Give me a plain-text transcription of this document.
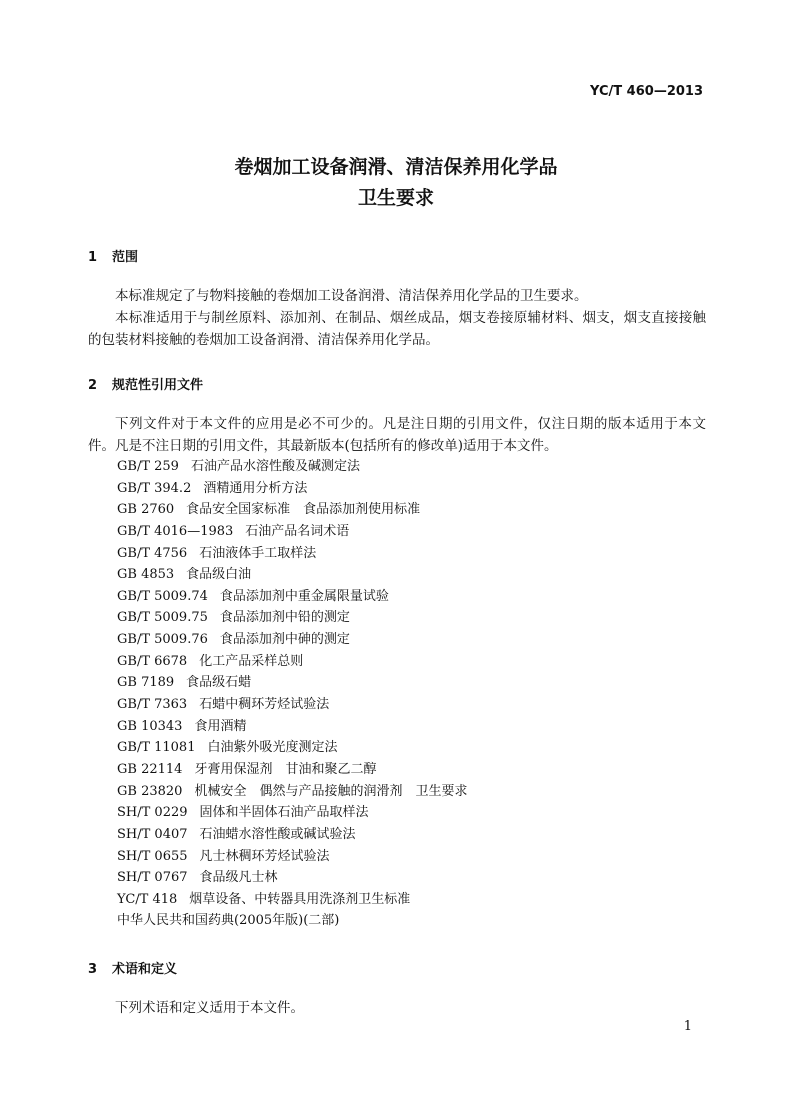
YC/T 460—2013
卷烟加工设备润滑、清洁保养用化学品
卫生要求
1 范围
本标准规定了与物料接触的卷烟加工设备润滑、清洁保养用化学品的卫生要求。
本标准适用于与制丝原料、添加剂、在制品、烟丝成品，烟支卷接原辅材料、烟支，烟支直接接触的包装材料接触的卷烟加工设备润滑、清洁保养用化学品。
2 规范性引用文件
下列文件对于本文件的应用是必不可少的。凡是注日期的引用文件，仅注日期的版本适用于本文件。凡是不注日期的引用文件，其最新版本(包括所有的修改单)适用于本文件。
GB/T 259 石油产品水溶性酸及碱测定法
GB/T 394.2 酒精通用分析方法
GB 2760 食品安全国家标准　食品添加剂使用标准
GB/T 4016—1983 石油产品名词术语
GB/T 4756 石油液体手工取样法
GB 4853 食品级白油
GB/T 5009.74 食品添加剂中重金属限量试验
GB/T 5009.75 食品添加剂中铅的测定
GB/T 5009.76 食品添加剂中砷的测定
GB/T 6678 化工产品采样总则
GB 7189 食品级石蜡
GB/T 7363 石蜡中稠环芳烃试验法
GB 10343 食用酒精
GB/T 11081 白油紫外吸光度测定法
GB 22114 牙膏用保湿剂　甘油和聚乙二醇
GB 23820 机械安全　偶然与产品接触的润滑剂　卫生要求
SH/T 0229 固体和半固体石油产品取样法
SH/T 0407 石油蜡水溶性酸或碱试验法
SH/T 0655 凡士林稠环芳烃试验法
SH/T 0767 食品级凡士林
YC/T 418 烟草设备、中转器具用洗涤剂卫生标准
中华人民共和国药典(2005年版)(二部)
3 术语和定义
下列术语和定义适用于本文件。
1
